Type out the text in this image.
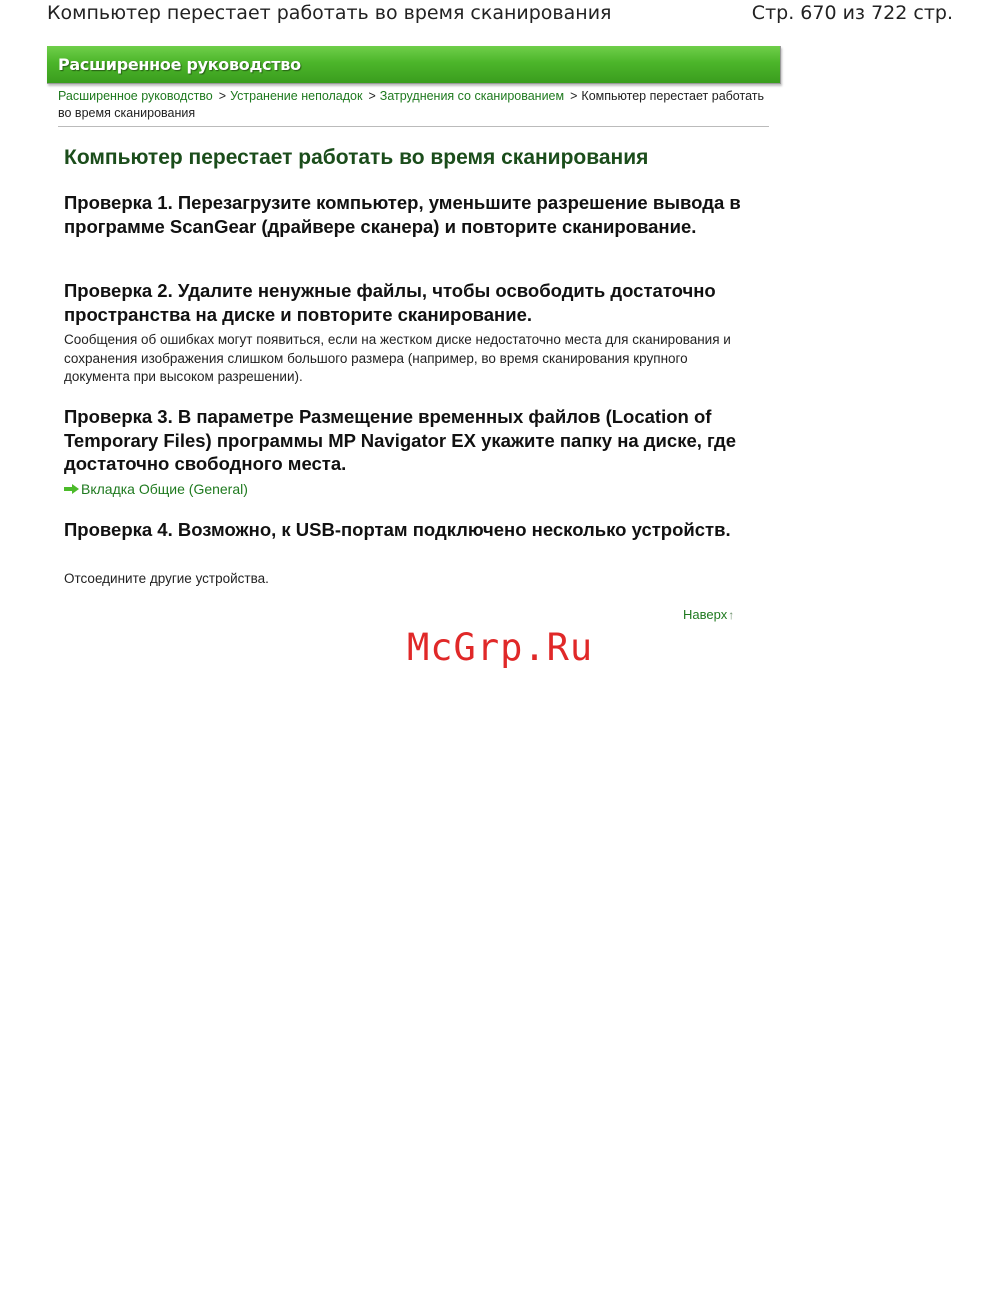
Компьютер перестает работать во время сканирования	Стр. 670 из 722 стр.
Расширенное руководство
Расширенное руководство > Устранение неполадок > Затруднения со сканированием > Компьютер перестает работать во время сканирования
Компьютер перестает работать во время сканирования
Проверка 1. Перезагрузите компьютер, уменьшите разрешение вывода в программе ScanGear (драйвере сканера) и повторите сканирование.
Проверка 2. Удалите ненужные файлы, чтобы освободить достаточно пространства на диске и повторите сканирование.

Сообщения об ошибках могут появиться, если на жестком диске недостаточно места для сканирования и сохранения изображения слишком большого размера (например, во время сканирования крупного документа при высоком разрешении).

Проверка 3. В параметре Размещение временных файлов (Location of Temporary Files) программы MP Navigator EX укажите папку на диске, где достаточно свободного места.
Вкладка Общие (General)
Проверка 4. Возможно, к USB-портам подключено несколько устройств.

Отсоедините другие устройства.

Наверх↑
McGrp.Ru
